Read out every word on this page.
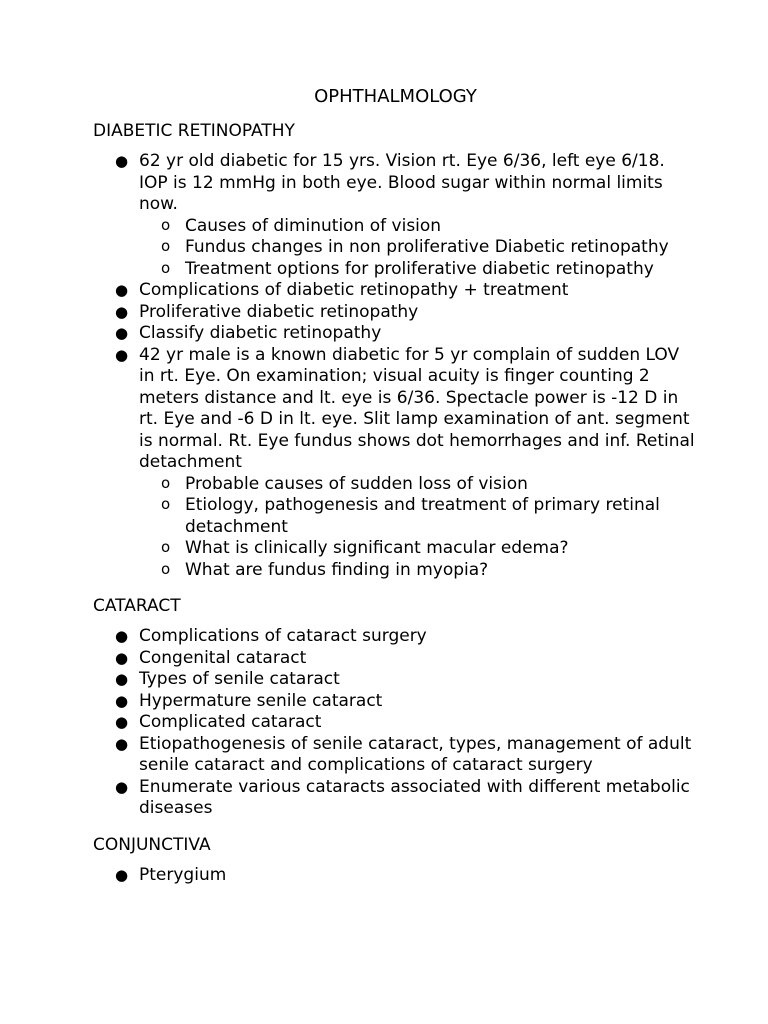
OPHTHALMOLOGY
DIABETIC RETINOPATHY
● 62 yr old diabetic for 15 yrs. Vision rt. Eye 6/36, left eye 6/18. IOP is 12 mmHg in both eye. Blood sugar within normal limits now.
o Causes of diminution of vision
o Fundus changes in non proliferative Diabetic retinopathy
o Treatment options for proliferative diabetic retinopathy
● Complications of diabetic retinopathy + treatment
● Proliferative diabetic retinopathy
● Classify diabetic retinopathy
● 42 yr male is a known diabetic for 5 yr complain of sudden LOV in rt. Eye. On examination; visual acuity is finger counting 2 meters distance and lt. eye is 6/36. Spectacle power is -12 D in rt. Eye and -6 D in lt. eye. Slit lamp examination of ant. segment is normal. Rt. Eye fundus shows dot hemorrhages and inf. Retinal detachment
o Probable causes of sudden loss of vision
o Etiology, pathogenesis and treatment of primary retinal detachment
o What is clinically significant macular edema?
o What are fundus finding in myopia?
CATARACT
● Complications of cataract surgery
● Congenital cataract
● Types of senile cataract
● Hypermature senile cataract
● Complicated cataract
● Etiopathogenesis of senile cataract, types, management of adult senile cataract and complications of cataract surgery
● Enumerate various cataracts associated with different metabolic diseases
CONJUNCTIVA
● Pterygium
